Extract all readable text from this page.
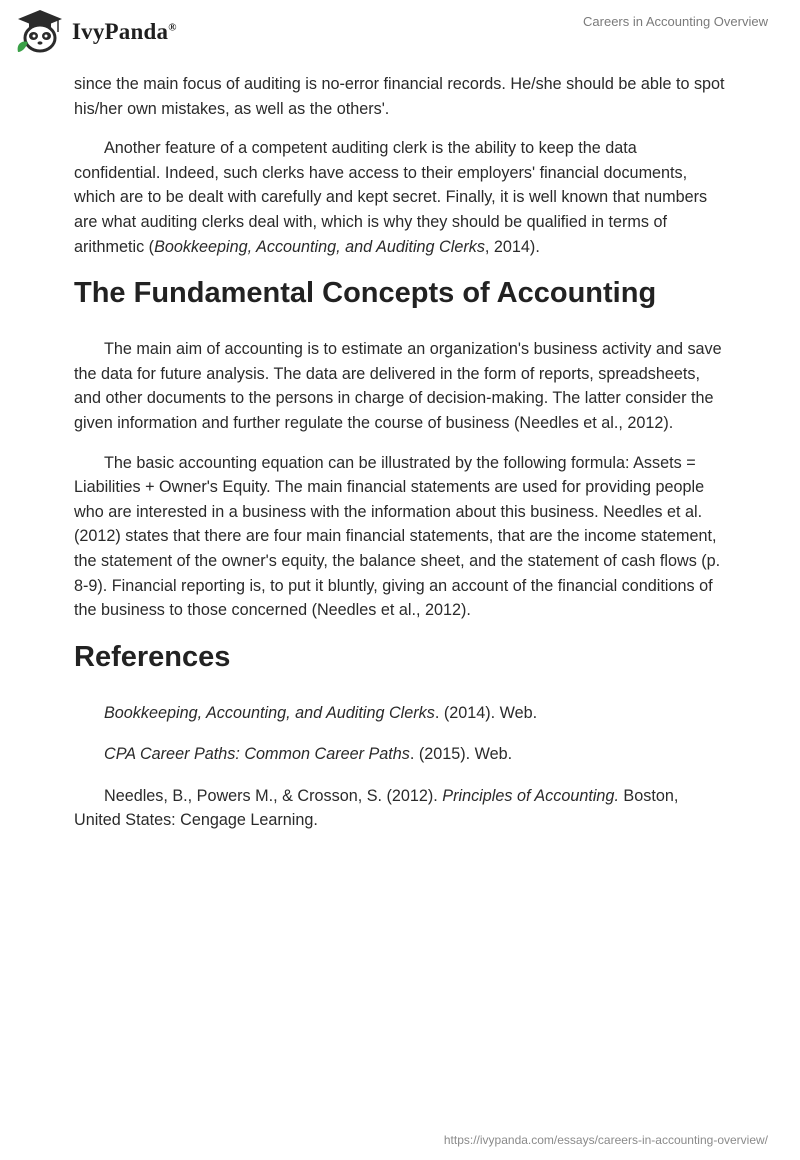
IvyPanda®	Careers in Accounting Overview

since the main focus of auditing is no-error financial records. He/she should be able to spot his/her own mistakes, as well as the others'.

Another feature of a competent auditing clerk is the ability to keep the data confidential. Indeed, such clerks have access to their employers' financial documents, which are to be dealt with carefully and kept secret. Finally, it is well known that numbers are what auditing clerks deal with, which is why they should be qualified in terms of arithmetic (Bookkeeping, Accounting, and Auditing Clerks, 2014).

The Fundamental Concepts of Accounting

The main aim of accounting is to estimate an organization's business activity and save the data for future analysis. The data are delivered in the form of reports, spreadsheets, and other documents to the persons in charge of decision-making. The latter consider the given information and further regulate the course of business (Needles et al., 2012).

The basic accounting equation can be illustrated by the following formula: Assets = Liabilities + Owner's Equity. The main financial statements are used for providing people who are interested in a business with the information about this business. Needles et al. (2012) states that there are four main financial statements, that are the income statement, the statement of the owner's equity, the balance sheet, and the statement of cash flows (p. 8-9). Financial reporting is, to put it bluntly, giving an account of the financial conditions of the business to those concerned (Needles et al., 2012).

References

Bookkeeping, Accounting, and Auditing Clerks. (2014). Web.

CPA Career Paths: Common Career Paths. (2015). Web.

Needles, B., Powers M., & Crosson, S. (2012). Principles of Accounting. Boston, United States: Cengage Learning.

https://ivypanda.com/essays/careers-in-accounting-overview/
